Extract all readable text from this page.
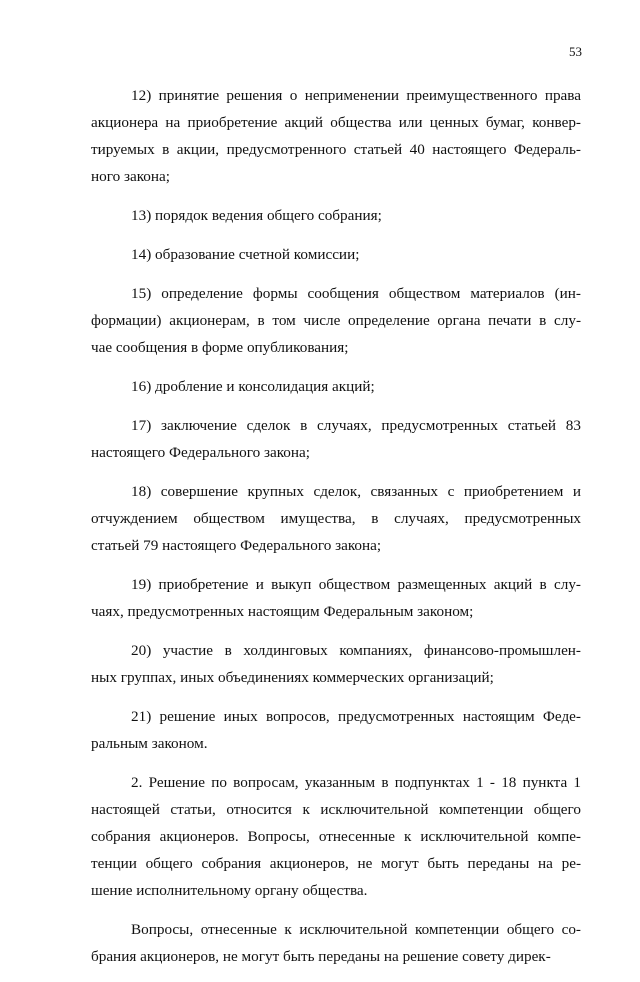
53

12) принятие решения о неприменении преимущественного права
акционера на приобретение акций общества или ценных бумаг, конвер-
тируемых в акции, предусмотренного статьей 40 настоящего Федераль-
ного закона;

13) порядок ведения общего собрания;

14) образование счетной комиссии;

15) определение формы сообщения обществом материалов (ин-
формации) акционерам, в том числе определение органа печати в слу-
чае сообщения в форме опубликования;

16) дробление и консолидация акций;

17) заключение сделок в случаях, предусмотренных статьей 83
настоящего Федерального закона;

18) совершение крупных сделок, связанных с приобретением и
отчуждением обществом имущества, в случаях, предусмотренных
статьей 79 настоящего Федерального закона;

19) приобретение и выкуп обществом размещенных акций в слу-
чаях, предусмотренных настоящим Федеральным законом;

20) участие в холдинговых компаниях, финансово-промышлен-
ных группах, иных объединениях коммерческих организаций;

21) решение иных вопросов, предусмотренных настоящим Феде-
ральным законом.

2. Решение по вопросам, указанным в подпунктах 1 - 18 пункта 1
настоящей статьи, относится к исключительной компетенции общего
собрания акционеров. Вопросы, отнесенные к исключительной компе-
тенции общего собрания акционеров, не могут быть переданы на ре-
шение исполнительному органу общества.

Вопросы, отнесенные к исключительной компетенции общего со-
брания акционеров, не могут быть переданы на решение совету дирек-
